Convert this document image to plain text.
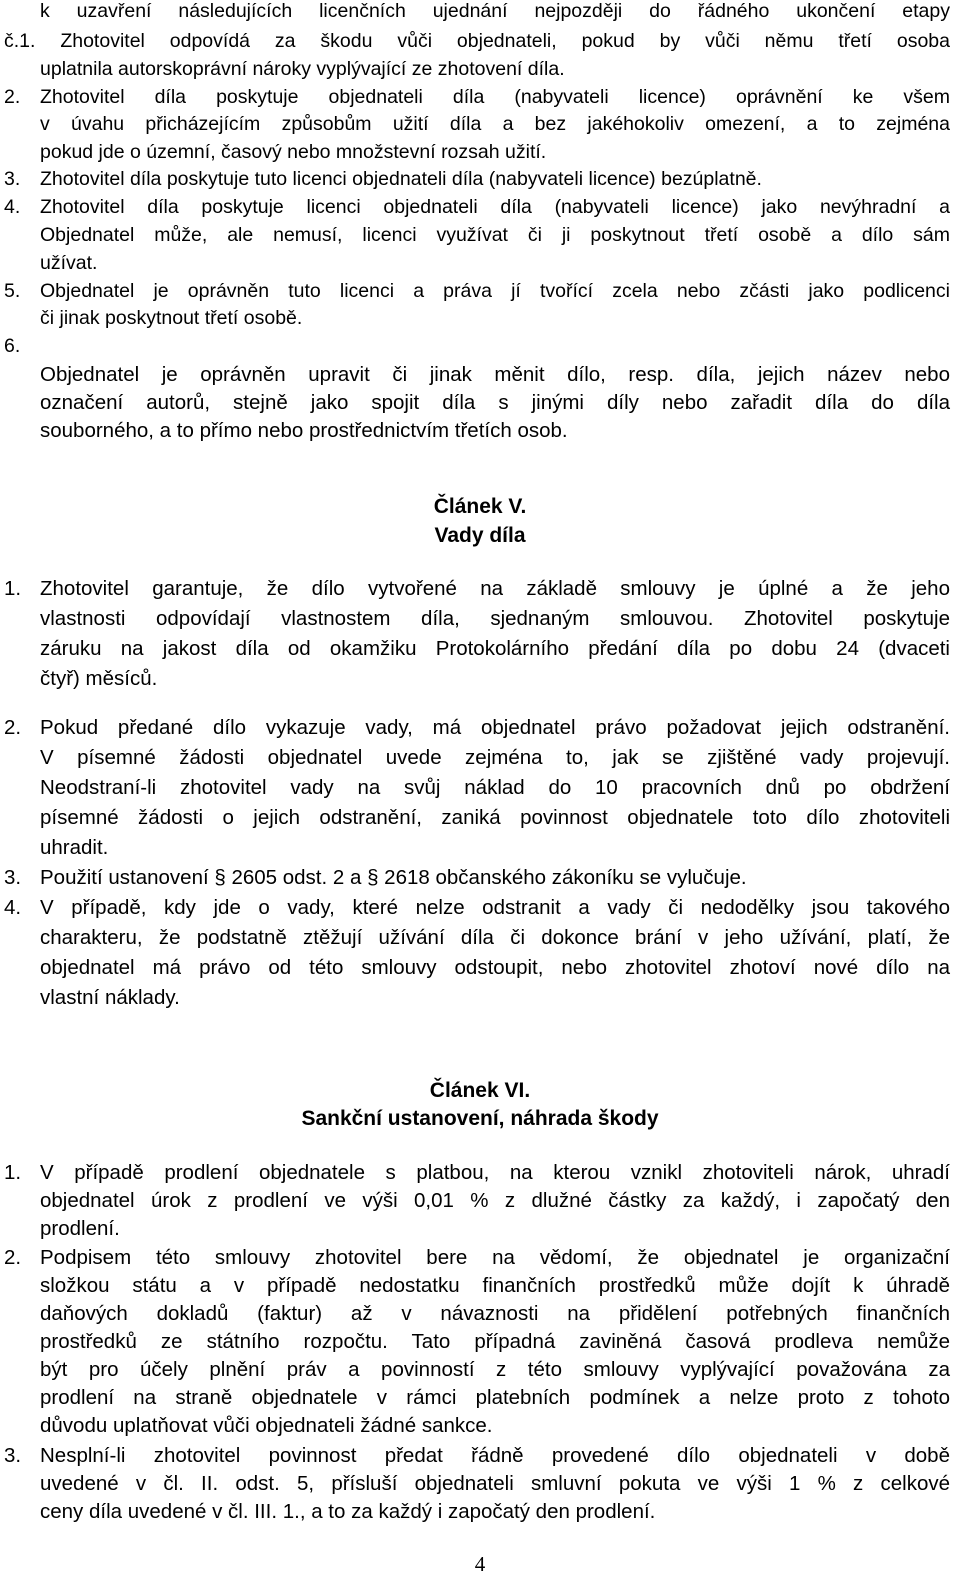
k uzavření následujících licenčních ujednání nejpozději do řádného ukončení etapy
č.1. Zhotovitel odpovídá za škodu vůči objednateli, pokud by vůči němu třetí osoba
uplatnila autorskoprávní nároky vyplývající ze zhotovení díla.
2. Zhotovitel díla poskytuje objednateli díla (nabyvateli licence) oprávnění ke všem
v úvahu přicházejícím způsobům užití díla a bez jakéhokoliv omezení, a to zejména
pokud jde o územní, časový nebo množstevní rozsah užití.
3. Zhotovitel díla poskytuje tuto licenci objednateli díla (nabyvateli licence) bezúplatně.
4. Zhotovitel díla poskytuje licenci objednateli díla (nabyvateli licence) jako nevýhradní a
Objednatel může, ale nemusí, licenci využívat či ji poskytnout třetí osobě a dílo sám
užívat.
5. Objednatel je oprávněn tuto licenci a práva jí tvořící zcela nebo zčásti jako podlicenci
či jinak poskytnout třetí osobě.
6.
Objednatel je oprávněn upravit či jinak měnit dílo, resp. díla, jejich název nebo
označení autorů, stejně jako spojit díla s jinými díly nebo zařadit díla do díla
souborného, a to přímo nebo prostřednictvím třetích osob.
Článek V.
Vady díla
1. Zhotovitel garantuje, že dílo vytvořené na základě smlouvy je úplné a že jeho
vlastnosti odpovídají vlastnostem díla, sjednaným smlouvou. Zhotovitel poskytuje
záruku na jakost díla od okamžiku Protokolárního předání díla po dobu 24 (dvaceti
čtyř) měsíců.
2. Pokud předané dílo vykazuje vady, má objednatel právo požadovat jejich odstranění.
V písemné žádosti objednatel uvede zejména to, jak se zjištěné vady projevují.
Neodstraní-li zhotovitel vady na svůj náklad do 10 pracovních dnů po obdržení
písemné žádosti o jejich odstranění, zaniká povinnost objednatele toto dílo zhotoviteli
uhradit.
3. Použití ustanovení § 2605 odst. 2 a § 2618 občanského zákoníku se vylučuje.
4. V případě, kdy jde o vady, které nelze odstranit a vady či nedodělky jsou takového
charakteru, že podstatně ztěžují užívání díla či dokonce brání v jeho užívání, platí, že
objednatel má právo od této smlouvy odstoupit, nebo zhotovitel zhotoví nové dílo na
vlastní náklady.
Článek VI.
Sankční ustanovení, náhrada škody
1. V případě prodlení objednatele s platbou, na kterou vznikl zhotoviteli nárok, uhradí
objednatel úrok z prodlení ve výši 0,01 % z dlužné částky za každý, i započatý den
prodlení.
2. Podpisem této smlouvy zhotovitel bere na vědomí, že objednatel je organizační
složkou státu a v případě nedostatku finančních prostředků může dojít k úhradě
daňových dokladů (faktur) až v návaznosti na přidělení potřebných finančních
prostředků ze státního rozpočtu. Tato případná zaviněná časová prodleva nemůže
být pro účely plnění práv a povinností z této smlouvy vyplývající považována za
prodlení na straně objednatele v rámci platebních podmínek a nelze proto z tohoto
důvodu uplatňovat vůči objednateli žádné sankce.
3. Nesplní-li zhotovitel povinnost předat řádně provedené dílo objednateli v době
uvedené v čl. II. odst. 5, přísluší objednateli smluvní pokuta ve výši 1 % z celkové
ceny díla uvedené v čl. III. 1., a to za každý i započatý den prodlení.
4
